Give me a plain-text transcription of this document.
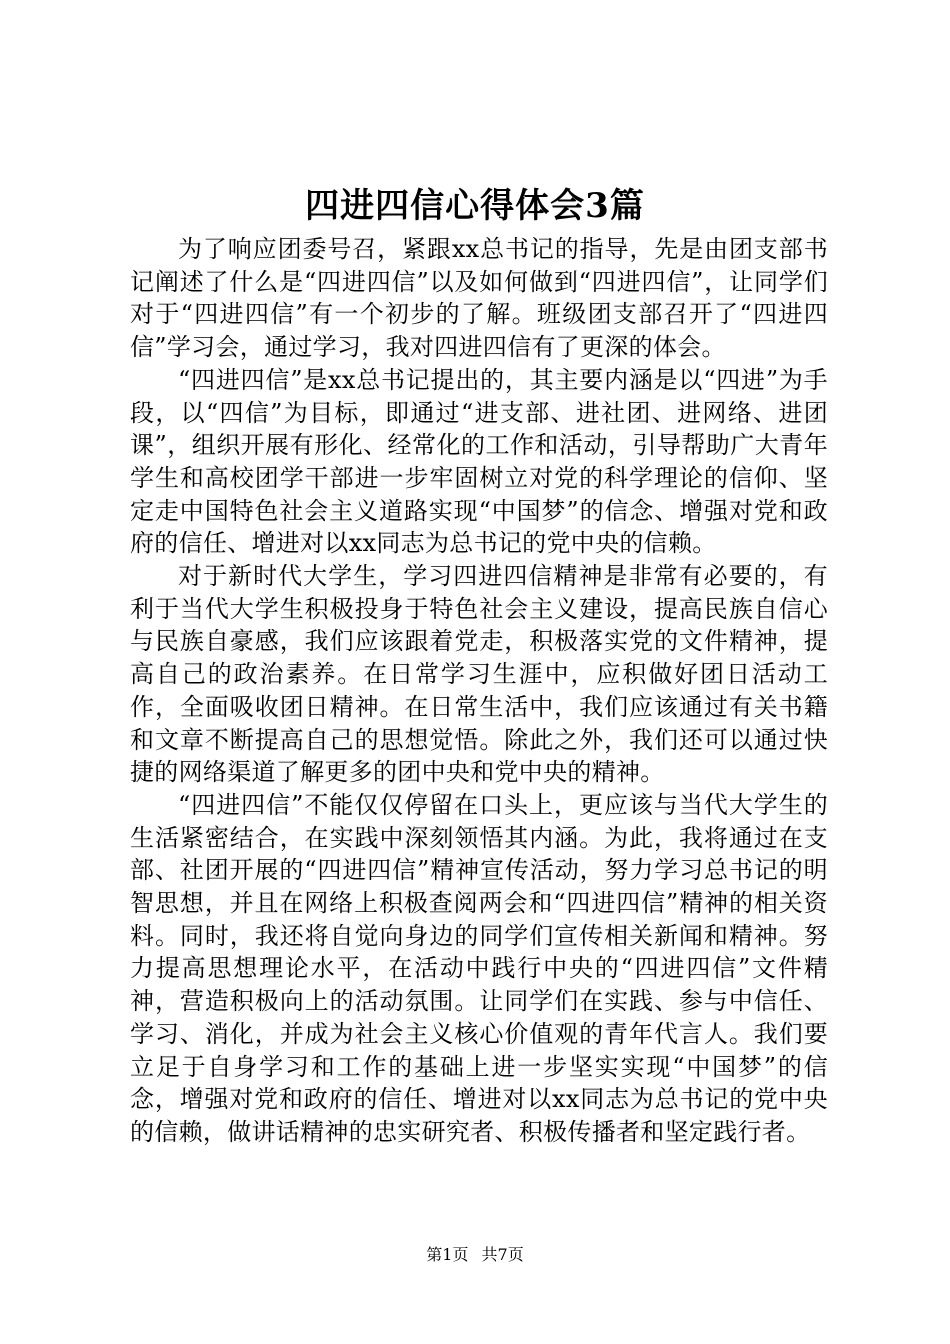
四进四信心得体会3篇

为了响应团委号召，紧跟xx总书记的指导，先是由团支部书记阐述了什么是“四进四信”以及如何做到“四进四信”，让同学们对于“四进四信”有一个初步的了解。班级团支部召开了“四进四信”学习会，通过学习，我对四进四信有了更深的体会。

“四进四信”是xx总书记提出的，其主要内涵是以“四进”为手段，以“四信”为目标，即通过“进支部、进社团、进网络、进团课”，组织开展有形化、经常化的工作和活动，引导帮助广大青年学生和高校团学干部进一步牢固树立对党的科学理论的信仰、坚定走中国特色社会主义道路实现“中国梦”的信念、增强对党和政府的信任、增进对以xx同志为总书记的党中央的信赖。

对于新时代大学生，学习四进四信精神是非常有必要的，有利于当代大学生积极投身于特色社会主义建设，提高民族自信心与民族自豪感，我们应该跟着党走，积极落实党的文件精神，提高自己的政治素养。在日常学习生涯中，应积做好团日活动工作，全面吸收团日精神。在日常生活中，我们应该通过有关书籍和文章不断提高自己的思想觉悟。除此之外，我们还可以通过快捷的网络渠道了解更多的团中央和党中央的精神。

“四进四信”不能仅仅停留在口头上，更应该与当代大学生的生活紧密结合，在实践中深刻领悟其内涵。为此，我将通过在支部、社团开展的“四进四信”精神宣传活动，努力学习总书记的明智思想，并且在网络上积极查阅两会和“四进四信”精神的相关资料。同时，我还将自觉向身边的同学们宣传相关新闻和精神。努力提高思想理论水平，在活动中践行中央的“四进四信”文件精神，营造积极向上的活动氛围。让同学们在实践、参与中信任、学习、消化，并成为社会主义核心价值观的青年代言人。我们要立足于自身学习和工作的基础上进一步坚实实现“中国梦”的信念，增强对党和政府的信任、增进对以xx同志为总书记的党中央的信赖，做讲话精神的忠实研究者、积极传播者和坚定践行者。

第1页 共7页
